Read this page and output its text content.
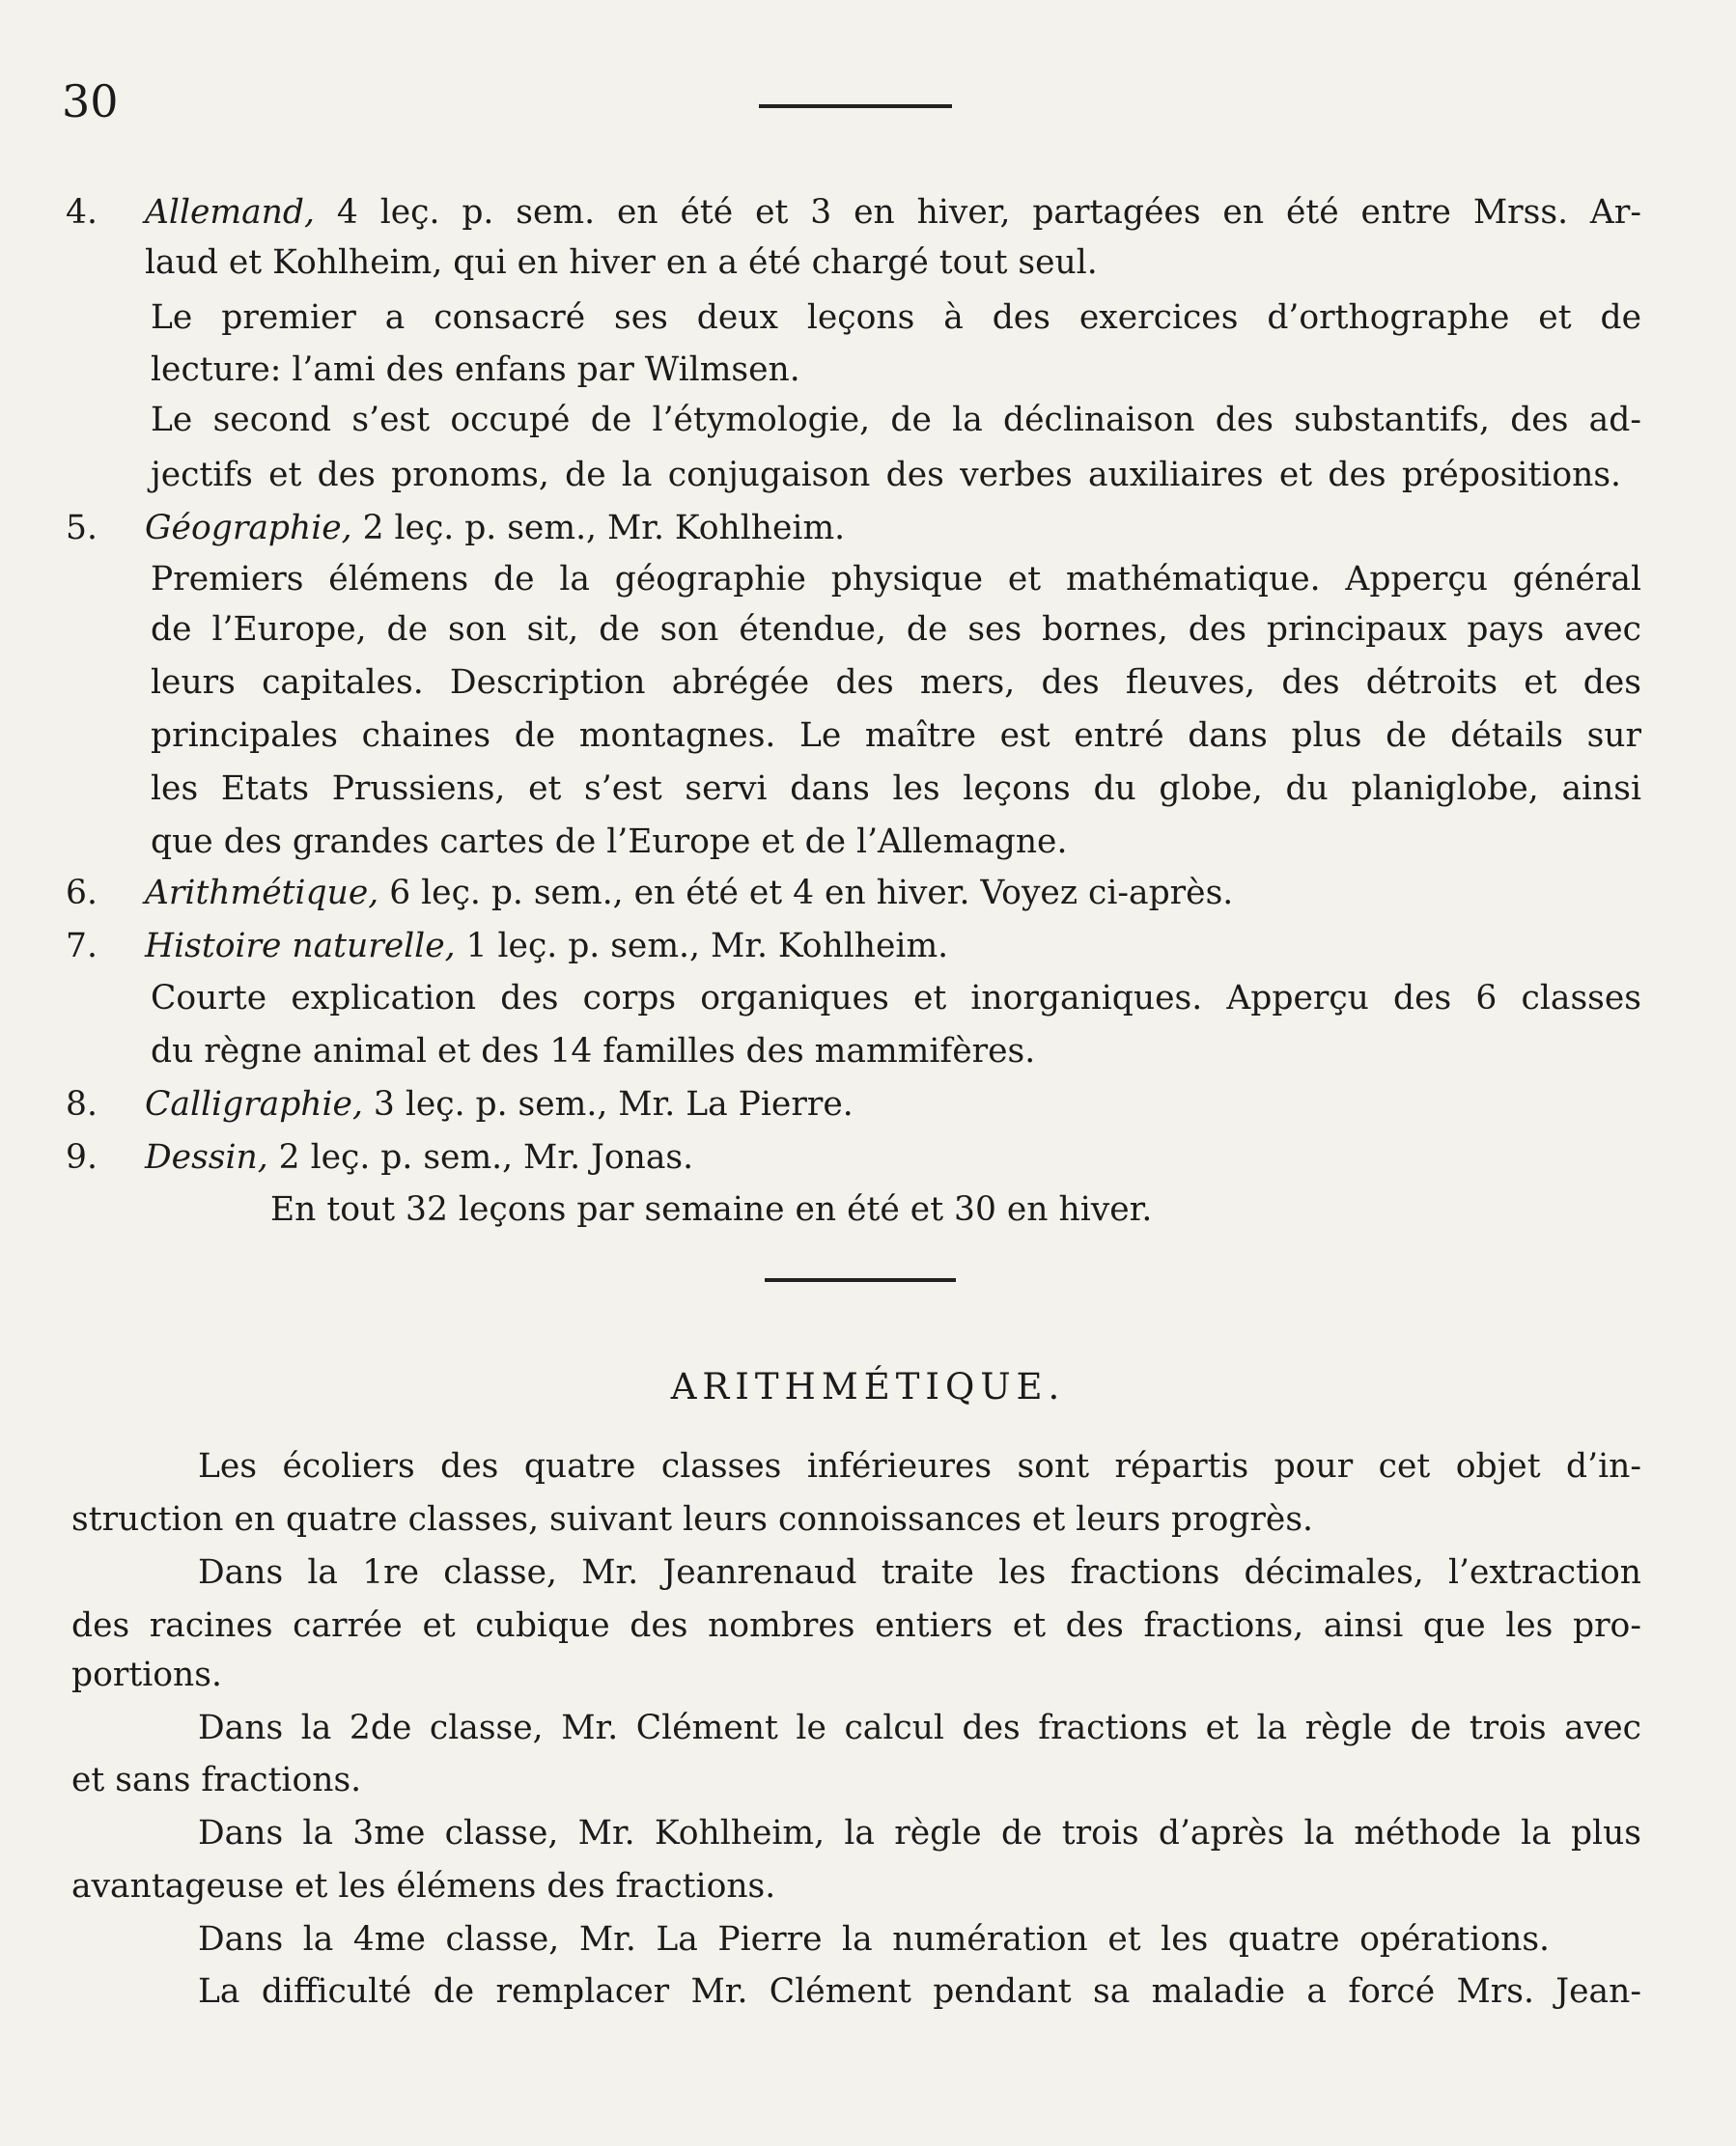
30
4. Allemand, 4 leç. p. sem. en été et 3 en hiver, partagées en été entre Mrss. Ar-
laud et Kohlheim, qui en hiver en a été chargé tout seul.
Le premier a consacré ses deux leçons à des exercices d’orthographe et de
lecture: l’ami des enfans par Wilmsen.
Le second s’est occupé de l’étymologie, de la déclinaison des substantifs, des ad-
jectifs et des pronoms, de la conjugaison des verbes auxiliaires et des prépositions.
5. Géographie, 2 leç. p. sem., Mr. Kohlheim.
Premiers élémens de la géographie physique et mathématique. Apperçu général
de l’Europe, de son sit, de son étendue, de ses bornes, des principaux pays avec
leurs capitales. Description abrégée des mers, des fleuves, des détroits et des
principales chaines de montagnes. Le maître est entré dans plus de détails sur
les Etats Prussiens, et s’est servi dans les leçons du globe, du planiglobe, ainsi
que des grandes cartes de l’Europe et de l’Allemagne.
6. Arithmétique, 6 leç. p. sem., en été et 4 en hiver. Voyez ci-après.
7. Histoire naturelle, 1 leç. p. sem., Mr. Kohlheim.
Courte explication des corps organiques et inorganiques. Apperçu des 6 classes
du règne animal et des 14 familles des mammifères.
8. Calligraphie, 3 leç. p. sem., Mr. La Pierre.
9. Dessin, 2 leç. p. sem., Mr. Jonas.
En tout 32 leçons par semaine en été et 30 en hiver.
ARITHMÉTIQUE.
Les écoliers des quatre classes inférieures sont répartis pour cet objet d’in-
struction en quatre classes, suivant leurs connoissances et leurs progrès.
Dans la 1re classe, Mr. Jeanrenaud traite les fractions décimales, l’extraction
des racines carrée et cubique des nombres entiers et des fractions, ainsi que les pro-
portions.
Dans la 2de classe, Mr. Clément le calcul des fractions et la règle de trois avec
et sans fractions.
Dans la 3me classe, Mr. Kohlheim, la règle de trois d’après la méthode la plus
avantageuse et les élémens des fractions.
Dans la 4me classe, Mr. La Pierre la numération et les quatre opérations.
La difficulté de remplacer Mr. Clément pendant sa maladie a forcé Mrs. Jean-
